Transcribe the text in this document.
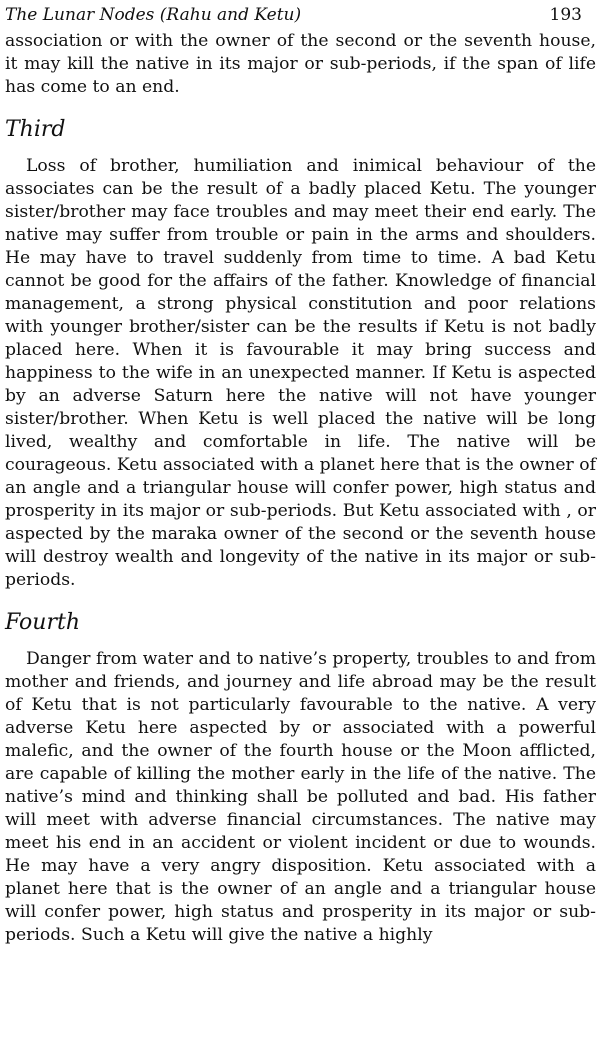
The Lunar Nodes (Rahu and Ketu)	193

association or with the owner of the second or the seventh house, it may kill the native in its major or sub-periods, if the span of life has come to an end.

Third

Loss of brother, humiliation and inimical behaviour of the associates can be the result of a badly placed Ketu. The younger sister/brother may face troubles and may meet their end early. The native may suffer from trouble or pain in the arms and shoulders. He may have to travel suddenly from time to time. A bad Ketu cannot be good for the affairs of the father. Knowledge of financial management, a strong physical constitution and poor relations with younger brother/sister can be the results if Ketu is not badly placed here. When it is favourable it may bring success and happiness to the wife in an unexpected manner. If Ketu is aspected by an adverse Saturn here the native will not have younger sister/brother. When Ketu is well placed the native will be long lived, wealthy and comfortable in life. The native will be courageous. Ketu associated with a planet here that is the owner of an angle and a triangular house will confer power, high status and prosperity in its major or sub-periods. But Ketu associated with , or aspected by the maraka owner of the second or the seventh house will destroy wealth and longevity of the native in its major or sub-periods.

Fourth

Danger from water and to native’s property, troubles to and from mother and friends, and journey and life abroad may be the result of Ketu that is not particularly favourable to the native. A very adverse Ketu here aspected by or associated with a powerful malefic, and the owner of the fourth house or the Moon afflicted, are capable of killing the mother early in the life of the native. The native’s mind and thinking shall be polluted and bad. His father will meet with adverse financial circumstances. The native may meet his end in an accident or violent incident or due to wounds. He may have a very angry disposition. Ketu associated with a planet here that is the owner of an angle and a triangular house will confer power, high status and prosperity in its major or sub-periods. Such a Ketu will give the native a highly
